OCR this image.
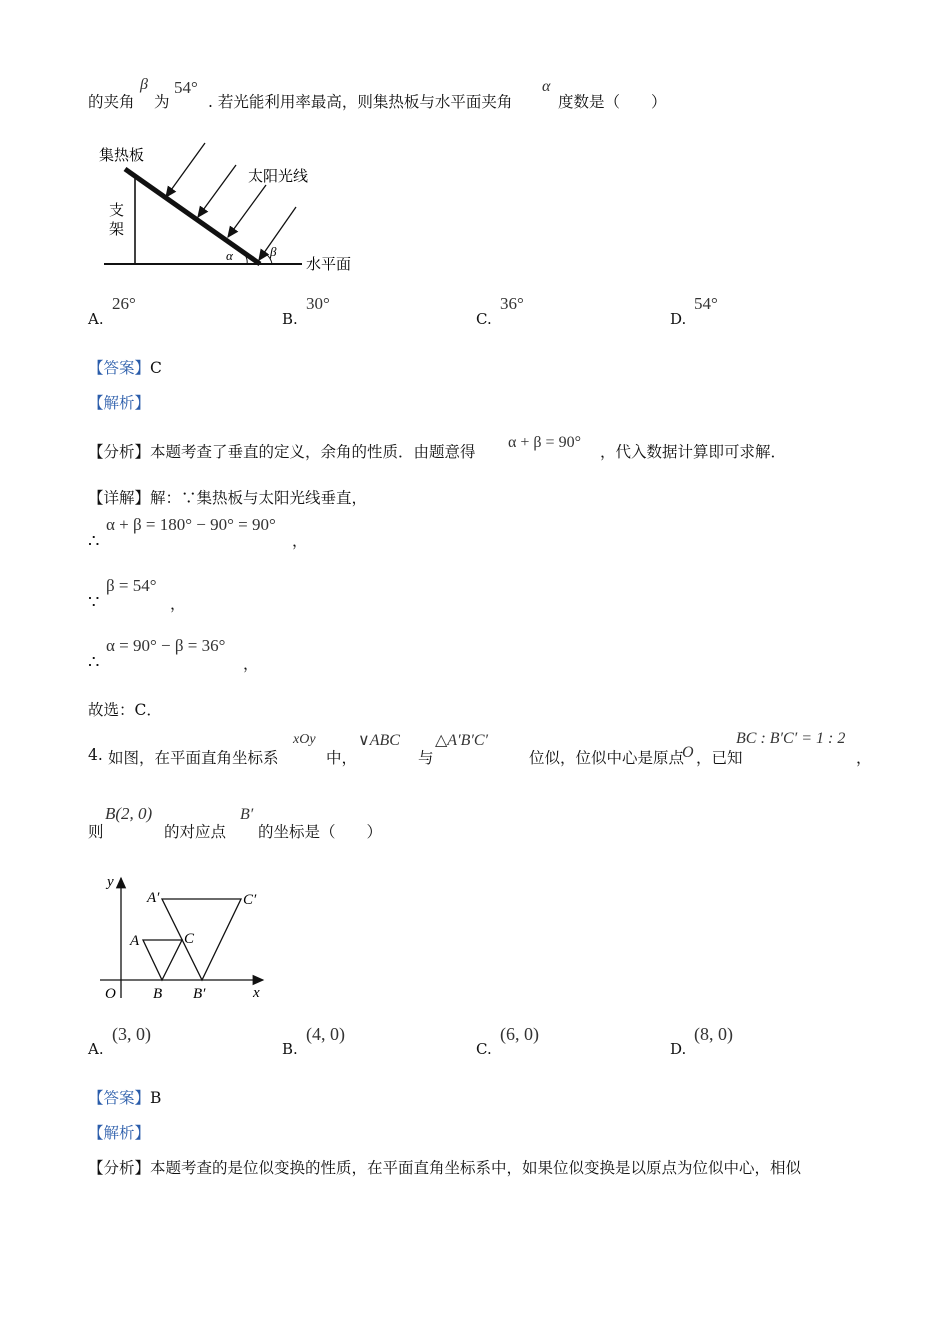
的夹角
β
为
54°
. 若光能利用率最高，则集热板与水平面夹角
α
度数是（　　）
集热板
太阳光线
支
架
水平面
α	β
A.
26°
B.
30°
C.
36°
D.
54°
【答案】C
【解析】
【分析】 本题考查了垂直的定义，余角的性质．由题意得
α + β = 90°
，代入数据计算即可求解．
【详解】解：∵集热板与太阳光线垂直，
∴
α + β = 180° − 90° = 90°
，
∵
β = 54°
，
∴
α = 90° − β = 36°
，
故选：C．
4. 如图，在平面直角坐标系
xOy
中，
∨ABC
与
△A′B′C′
位似，位似中心是原点
O ，已知
BC : B′C′ = 1 : 2
，
则
B(2, 0)
的对应点
B′
的坐标是（　　）
y
x
O
A
B
C
A′
B′
C′
A.
(3, 0)
B.
(4, 0)
C.
(6, 0)
D.
(8, 0)
【答案】B
【解析】
【分析】本题考查的是位似变换的性质，在平面直角坐标系中，如果位似变换是以原点为位似中心，相似
